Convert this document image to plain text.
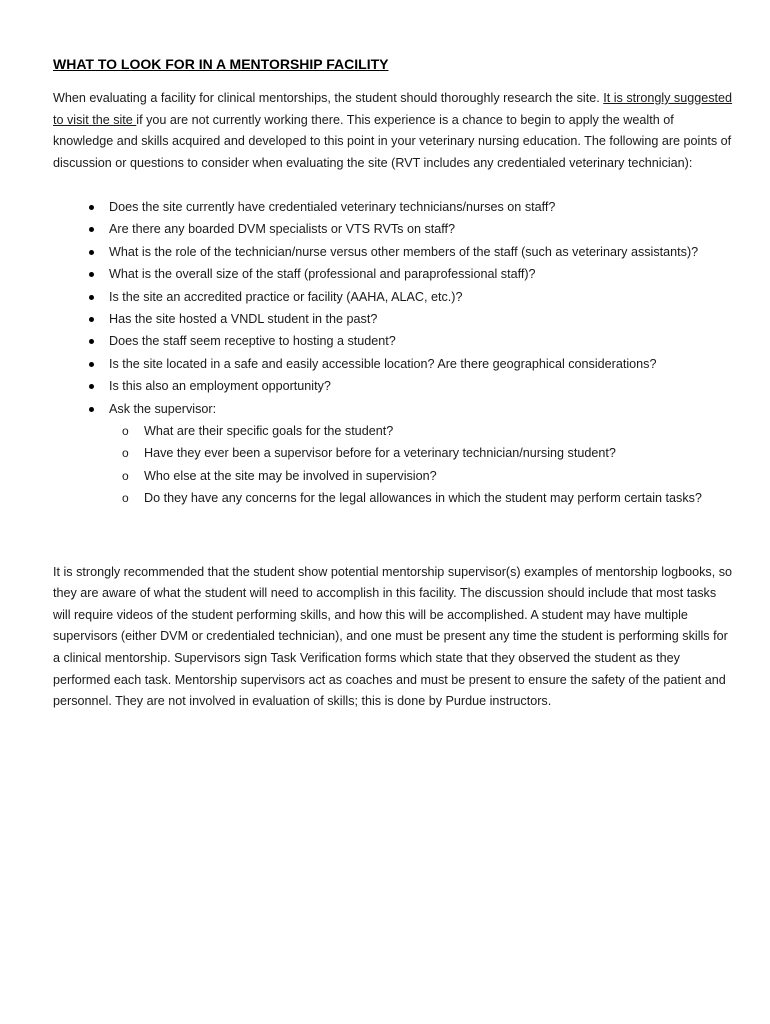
WHAT TO LOOK FOR IN A MENTORSHIP FACILITY

When evaluating a facility for clinical mentorships, the student should thoroughly research the site. It is strongly suggested to visit the site if you are not currently working there. This experience is a chance to begin to apply the wealth of knowledge and skills acquired and developed to this point in your veterinary nursing education. The following are points of discussion or questions to consider when evaluating the site (RVT includes any credentialed veterinary technician):

Does the site currently have credentialed veterinary technicians/nurses on staff?
Are there any boarded DVM specialists or VTS RVTs on staff?
What is the role of the technician/nurse versus other members of the staff (such as veterinary assistants)?
What is the overall size of the staff (professional and paraprofessional staff)?
Is the site an accredited practice or facility (AAHA, ALAC, etc.)?
Has the site hosted a VNDL student in the past?
Does the staff seem receptive to hosting a student?
Is the site located in a safe and easily accessible location? Are there geographical considerations?
Is this also an employment opportunity?
Ask the supervisor:
o What are their specific goals for the student?
o Have they ever been a supervisor before for a veterinary technician/nursing student?
o Who else at the site may be involved in supervision?
o Do they have any concerns for the legal allowances in which the student may perform certain tasks?

It is strongly recommended that the student show potential mentorship supervisor(s) examples of mentorship logbooks, so they are aware of what the student will need to accomplish in this facility. The discussion should include that most tasks will require videos of the student performing skills, and how this will be accomplished. A student may have multiple supervisors (either DVM or credentialed technician), and one must be present any time the student is performing skills for a clinical mentorship. Supervisors sign Task Verification forms which state that they observed the student as they performed each task. Mentorship supervisors act as coaches and must be present to ensure the safety of the patient and personnel. They are not involved in evaluation of skills; this is done by Purdue instructors.
